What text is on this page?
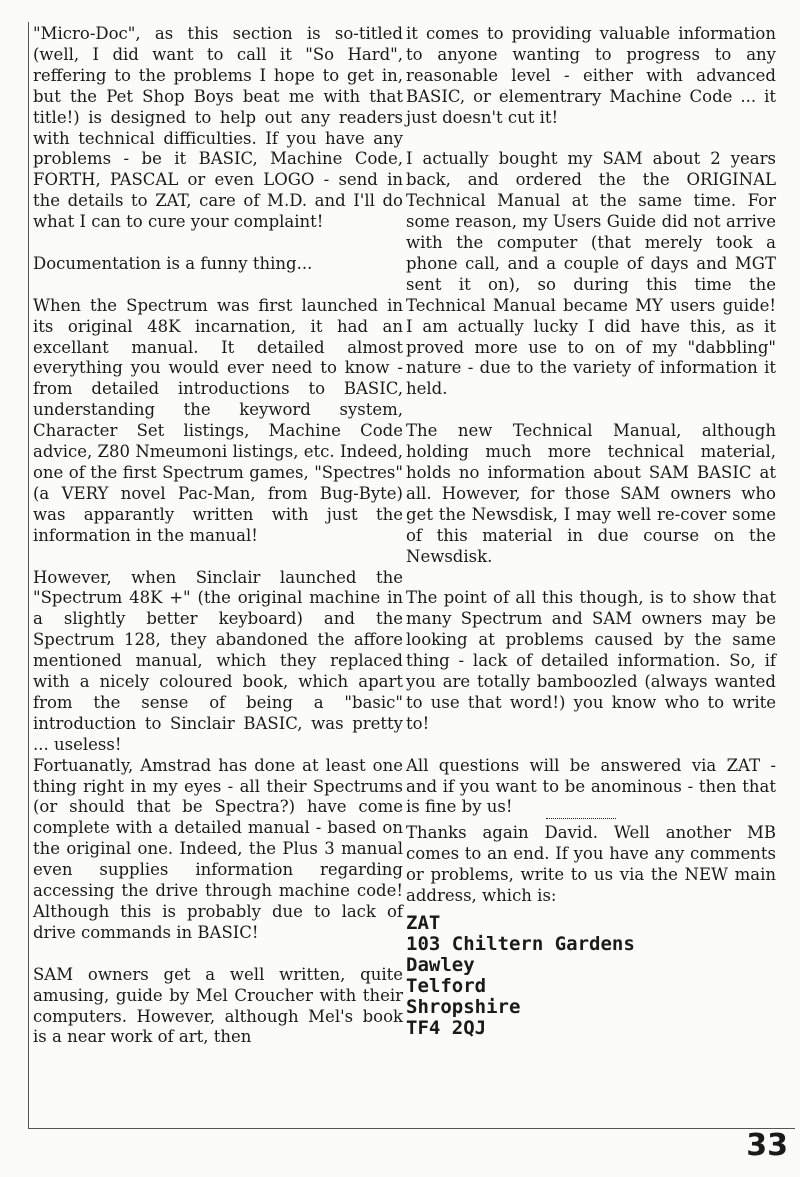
"Micro-Doc", as this section is so-titled (well, I did want to call it "So Hard", reffering to the problems I hope to get in, but the Pet Shop Boys beat me with that title!) is designed to help out any readers with technical difficulties. If you have any problems - be it BASIC, Machine Code, FORTH, PASCAL or even LOGO - send in the details to ZAT, care of M.D. and I'll do what I can to cure your complaint!

Documentation is a funny thing...

When the Spectrum was first launched in its original 48K incarnation, it had an excellant manual. It detailed almost everything you would ever need to know - from detailed introductions to BASIC, understanding the keyword system, Character Set listings, Machine Code advice, Z80 Nmeumoni listings, etc. Indeed, one of the first Spectrum games, "Spectres" (a VERY novel Pac-Man, from Bug-Byte) was apparantly written with just the information in the manual!

However, when Sinclair launched the "Spectrum 48K +" (the original machine in a slightly better keyboard) and the Spectrum 128, they abandoned the affore mentioned manual, which they replaced with a nicely coloured book, which apart from the sense of being a "basic" introduction to Sinclair BASIC, was pretty ... useless!

Fortuanatly, Amstrad has done at least one thing right in my eyes - all their Spectrums (or should that be Spectra?) have come complete with a detailed manual - based on the original one. Indeed, the Plus 3 manual even supplies information regarding accessing the drive through machine code! Although this is probably due to lack of drive commands in BASIC!

SAM owners get a well written, quite amusing, guide by Mel Croucher with their computers. However, although Mel's book is a near work of art, then

it comes to providing valuable information to anyone wanting to progress to any reasonable level - either with advanced BASIC, or elementrary Machine Code ... it just doesn't cut it!

I actually bought my SAM about 2 years back, and ordered the the ORIGINAL Technical Manual at the same time. For some reason, my Users Guide did not arrive with the computer (that merely took a phone call, and a couple of days and MGT sent it on), so during this time the Technical Manual became MY users guide! I am actually lucky I did have this, as it proved more use to on of my "dabbling" nature - due to the variety of information it held.

The new Technical Manual, although holding much more technical material, holds no information about SAM BASIC at all. However, for those SAM owners who get the Newsdisk, I may well re-cover some of this material in due course on the Newsdisk.

The point of all this though, is to show that many Spectrum and SAM owners may be looking at problems caused by the same thing - lack of detailed information. So, if you are totally bamboozled (always wanted to use that word!) you know who to write to!

All questions will be answered via ZAT - and if you want to be anominous - then that is fine by us!

Thanks again David. Well another MB comes to an end. If you have any comments or problems, write to us via the NEW main address, which is:

ZAT
103 Chiltern Gardens
Dawley
Telford
Shropshire
TF4 2QJ
33
